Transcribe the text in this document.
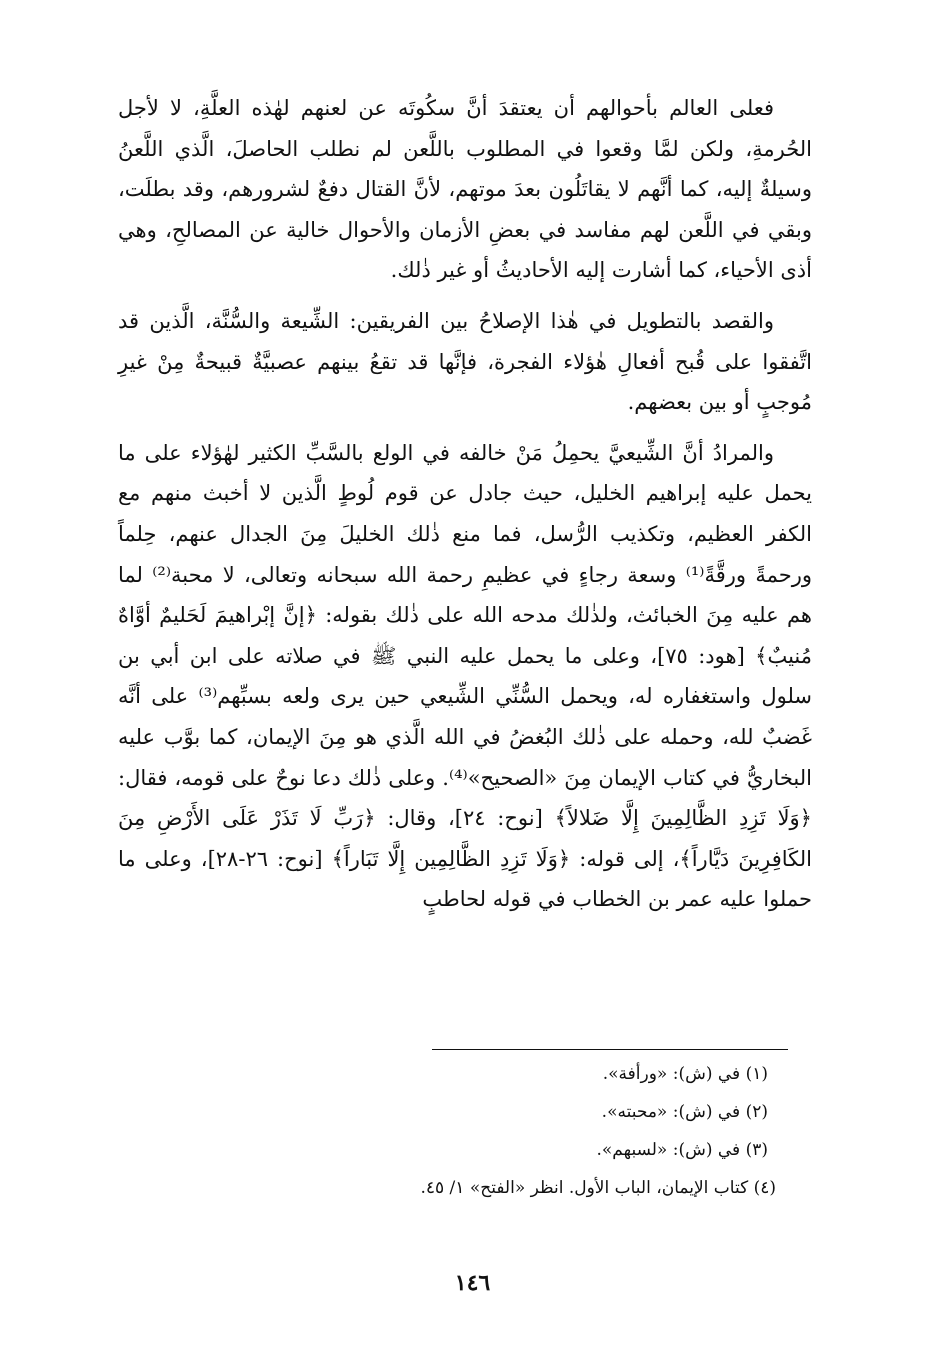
فعلى العالم بأحوالهم أن يعتقدَ أنَّ سكُوتَه عن لعنهم لهٰذه العلَّةِ، لا لأجل الحُرمةِ، ولكن لمَّا وقعوا في المطلوب باللَّعن لم نطلب الحاصلَ، الَّذي اللَّعنُ وسيلةٌ إليه، كما أنَّهم لا يقاتَلُون بعدَ موتهم، لأنَّ القتال دفعٌ لشرورهم، وقد بطلَت، وبقي في اللَّعن لهم مفاسد في بعضِ الأزمان والأحوال خالية عن المصالحِ، وهي أذى الأحياء، كما أشارت إليه الأحاديثُ أو غير ذٰلك.

والقصد بالتطويل في هٰذا الإصلاحُ بين الفريقين: الشِّيعة والسُّنَّة، الَّذين قد اتَّفقوا على قُبح أفعالِ هٰؤلاء الفجرة، فإنَّها قد تقعُ بينهم عصبيَّةٌ قبيحةٌ مِنْ غيرِ مُوجبٍ أو بين بعضهم.

والمرادُ أنَّ الشِّيعيَّ يحمِلُ مَنْ خالفه في الولع بالسَّبِّ الكثير لهٰؤلاء على ما يحمل عليه إبراهيم الخليل، حيث جادل عن قوم لُوطٍ الَّذين لا أخبث منهم مع الكفر العظيم، وتكذيب الرُّسل، فما منع ذٰلك الخليلَ مِنَ الجدال عنهم، حِلماً ورحمةً ورقَّةً⁽¹⁾ وسعة رجاءٍ في عظيمِ رحمة الله سبحانه وتعالى، لا محبة⁽²⁾ لما هم عليه مِنَ الخبائث، ولذٰلك مدحه الله على ذٰلك بقوله: ﴿إنَّ إبْراهيمَ لَحَليمٌ أوَّاهٌ مُنيبٌ﴾ [هود: ٧٥]، وعلى ما يحمل عليه النبي ﷺ في صلاته على ابن أبي بن سلول واستغفاره له، ويحمل السُّنِّي الشِّيعي حين يرى ولعه بسبِّهم⁽³⁾ على أنَّه غَضبٌ لله، وحمله على ذٰلك البُغضُ في الله الَّذي هو مِنَ الإيمان، كما بوَّب عليه البخاريُّ في كتاب الإيمان مِنَ «الصحيح»⁽⁴⁾. وعلى ذٰلك دعا نوحٌ على قومه، فقال: ﴿وَلَا تَزِدِ الظَّالِمِينَ إِلَّا ضَلالاً﴾ [نوح: ٢٤]، وقال: ﴿رَبِّ لَا تَذَرْ عَلَى الأَرْضِ مِنَ الكَافِرِينَ دَيَّاراً﴾، إلى قوله: ﴿وَلَا تَزِدِ الظَّالِمِين إِلَّا تَبَاراً﴾ [نوح: ٢٦-٢٨]، وعلى ما حملوا عليه عمر بن الخطاب في قوله لحاطبٍ

(١) في (ش): «ورأفة».

(٢) في (ش): «محبته».

(٣) في (ش): «لسبهم».

(٤) كتاب الإيمان، الباب الأول. انظر «الفتح» ١/ ٤٥.

١٤٦
